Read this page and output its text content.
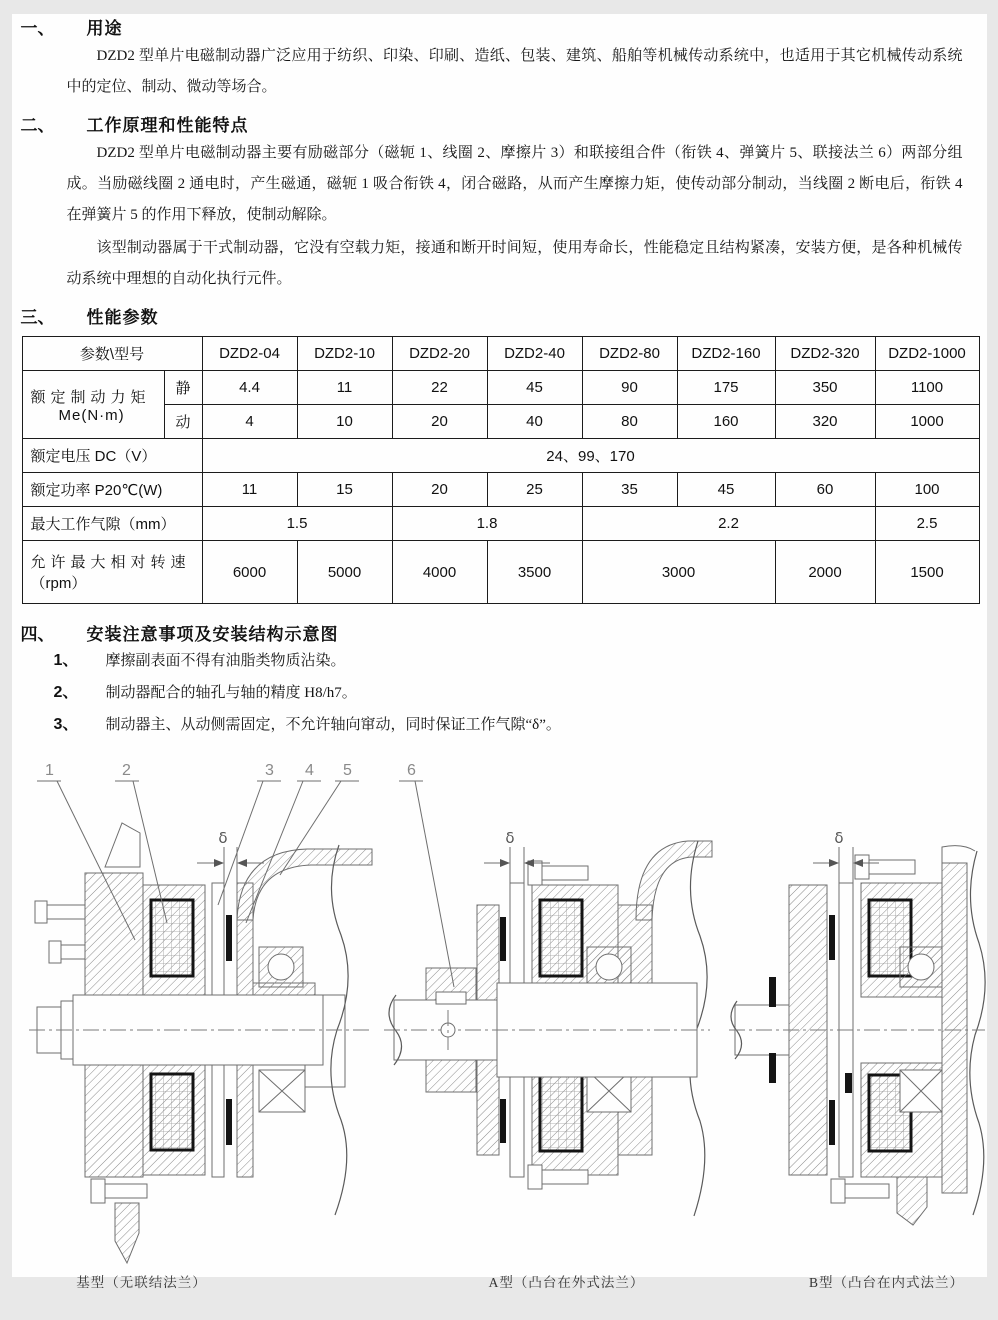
一、	用途
DZD2 型单片电磁制动器广泛应用于纺织、印染、印刷、造纸、包装、建筑、船舶等机械传动系统中，也适用于其它机械传动系统中的定位、制动、微动等场合。
二、	工作原理和性能特点
DZD2 型单片电磁制动器主要有励磁部分（磁轭 1、线圈 2、摩擦片 3）和联接组合件（衔铁 4、弹簧片 5、联接法兰 6）两部分组成。当励磁线圈 2 通电时，产生磁通，磁轭 1 吸合衔铁 4，闭合磁路，从而产生摩擦力矩，使传动部分制动，当线圈 2 断电后，衔铁 4 在弹簧片 5 的作用下释放，使制动解除。
该型制动器属于干式制动器，它没有空载力矩，接通和断开时间短，使用寿命长，性能稳定且结构紧凑，安装方便，是各种机械传动系统中理想的自动化执行元件。
三、	性能参数
参数\型号		DZD2-04	DZD2-10	DZD2-20	DZD2-40	DZD2-80	DZD2-160	DZD2-320	DZD2-1000

额定制动力矩
Me(N·m)	静	4.4	11	22	45	90	175	350	1100
	动	4	10	20	40	80	160	320	1000
额定电压 DC（V）		24、99、170							
额定功率 P20℃(W)		11	15	20	25	35	45	60	100
最大工作气隙（mm）		1.5		1.8		2.2			2.5

允许最大相对转速
（rpm）		6000	5000	4000	3500	3000		2000	1500
四、	安装注意事项及安装结构示意图
1、	摩擦副表面不得有油脂类物质沾染。
2、	制动器配合的轴孔与轴的精度 H8/h7。
3、	制动器主、从动侧需固定，不允许轴向窜动，同时保证工作气隙“δ”。
δ
1	2	3 4 5
δ
6
δ
基型（无联结法兰）	A型（凸台在外式法兰）	B型（凸台在内式法兰）
